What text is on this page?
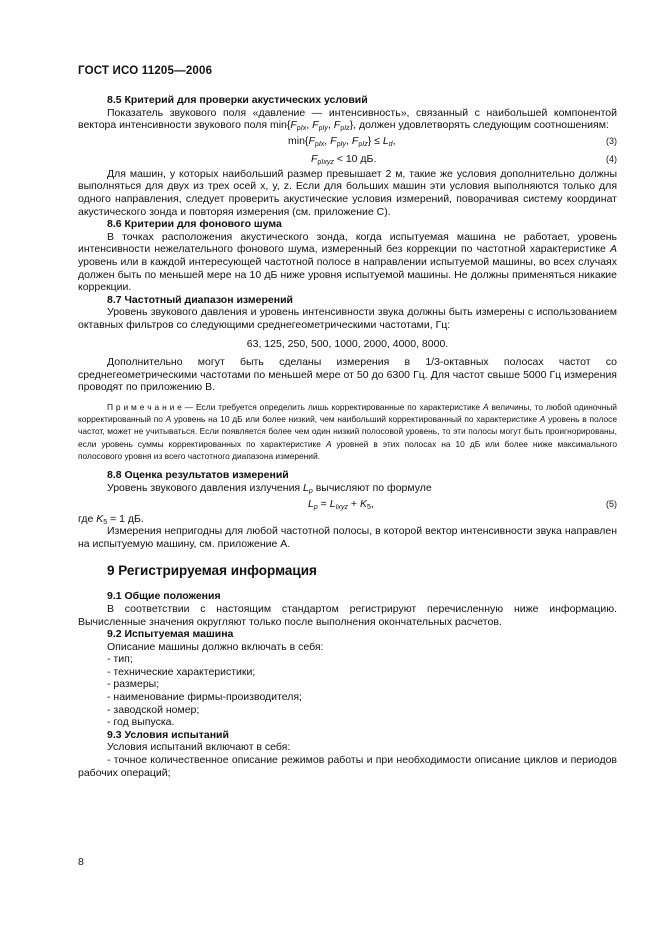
ГОСТ ИСО 11205—2006
8.5 Критерий для проверки акустических условий

Показатель звукового поля «давление — интенсивность», связанный с наибольшей компонентой вектора интенсивности звукового поля $\min\{F_{\rho Ix}$, $F_{\rho Iy}$, $F_{\rho Iz}$}, должен удовлетворять следующим соотношениям:

$\min\{F_{\rho Ix}$, $F_{\rho Iy}$, $F_{\rho Iz}\} \le L_d$,	(3)
$F_{\rho Ixyz} < 10$ дБ.	(4)

Для машин, у которых наибольший размер превышает 2 м, такие же условия дополнительно должны выполняться для двух из трех осей x, y, z. Если для больших машин эти условия выполняются только для одного направления, следует проверить акустические условия измерений, поворачивая систему координат акустического зонда и повторяя измерения (см. приложение С).

8.6 Критерии для фонового шума

В точках расположения акустического зонда, когда испытуемая машина не работает, уровень интенсивности нежелательного фонового шума, измеренный без коррекции по частотной характеристике A уровень или в каждой интересующей частотной полосе в направлении испытуемой машины, во всех случаях должен быть по меньшей мере на 10 дБ ниже уровня испытуемой машины. Не должны применяться никакие коррекции.

8.7 Частотный диапазон измерений

Уровень звукового давления и уровень интенсивности звука должны быть измерены с использованием октавных фильтров со следующими среднегеометрическими частотами, Гц:

63, 125, 250, 500, 1000, 2000, 4000, 8000.

Дополнительно могут быть сделаны измерения в 1/3-октавных полосах частот со среднегеометрическими частотами по меньшей мере от 50 до 6300 Гц. Для частот свыше 5000 Гц измерения проводят по приложению В.

П р и м е ч а н и е — Если требуется определить лишь корректированные по характеристике A величины, то любой одиночный корректированный по A уровень на 10 дБ или более низкий, чем наибольший корректированный по характеристике A уровень в полосе частот, может не учитываться. Если появляется более чем один низкий полосовой уровень, то эти полосы могут быть проигнорированы, если уровень суммы корректированных по характеристике A уровней в этих полосах на 10 дБ или более ниже максимального полосового уровня из всего частотного диапазона измерений.

8.8 Оценка результатов измерений

Уровень звукового давления излучения $L_p$ вычисляют по формуле

$L_p = L_{Ixyz} + K_5$,	(5)

где $K_5 = 1$ дБ.

Измерения непригодны для любой частотной полосы, в которой вектор интенсивности звука направлен на испытуемую машину, см. приложение А.

9 Регистрируемая информация
9.1 Общие положения

В соответствии с настоящим стандартом регистрируют перечисленную ниже информацию. Вычисленные значения округляют только после выполнения окончательных расчетов.

9.2 Испытуемая машина

Описание машины должно включать в себя:

- тип;

- технические характеристики;

- размеры;

- наименование фирмы-производителя;

- заводской номер;

- год выпуска.

9.3 Условия испытаний

Условия испытаний включают в себя:

- точное количественное описание режимов работы и при необходимости описание циклов и периодов рабочих операций;

8
